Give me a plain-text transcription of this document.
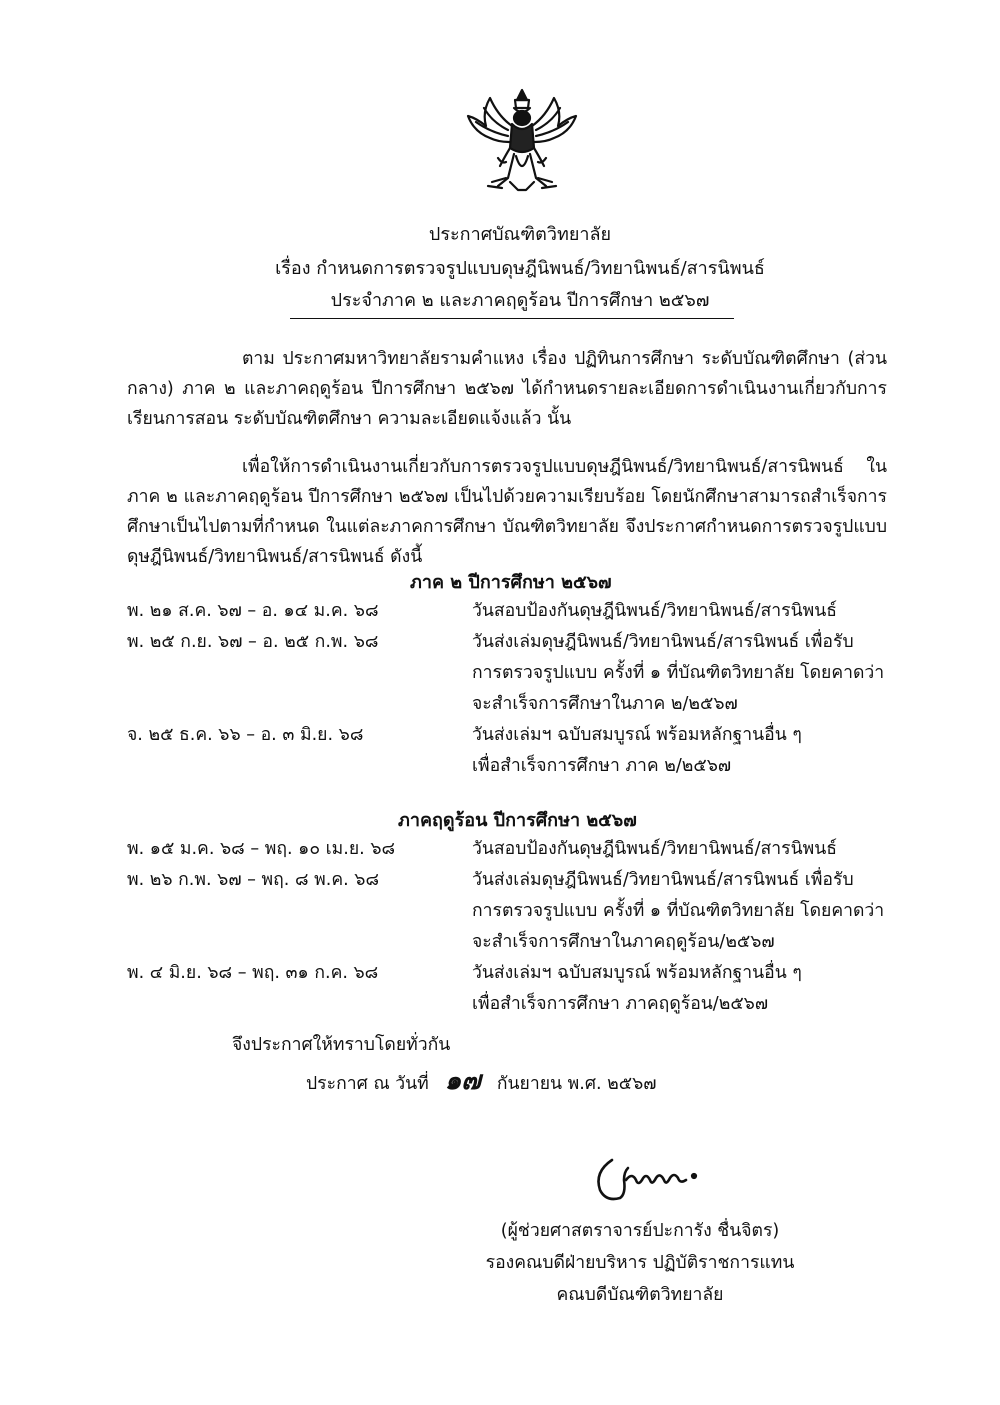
ประกาศบัณฑิตวิทยาลัย
เรื่อง กำหนดการตรวจรูปแบบดุษฎีนิพนธ์/วิทยานิพนธ์/สารนิพนธ์
ประจำภาค ๒ และภาคฤดูร้อน ปีการศึกษา ๒๕๖๗
ตาม ประกาศมหาวิทยาลัยรามคำแหง เรื่อง ปฏิทินการศึกษา ระดับบัณฑิตศึกษา (ส่วนกลาง) ภาค ๒ และภาคฤดูร้อน ปีการศึกษา ๒๕๖๗ ได้กำหนดรายละเอียดการดำเนินงานเกี่ยวกับการเรียนการสอน ระดับบัณฑิตศึกษา ความละเอียดแจ้งแล้ว นั้น
เพื่อให้การดำเนินงานเกี่ยวกับการตรวจรูปแบบดุษฎีนิพนธ์/วิทยานิพนธ์/สารนิพนธ์ ในภาค ๒ และภาคฤดูร้อน ปีการศึกษา ๒๕๖๗ เป็นไปด้วยความเรียบร้อย โดยนักศึกษาสามารถสำเร็จการศึกษาเป็นไปตามที่กำหนด ในแต่ละภาคการศึกษา บัณฑิตวิทยาลัย จึงประกาศกำหนดการตรวจรูปแบบดุษฎีนิพนธ์/วิทยานิพนธ์/สารนิพนธ์ ดังนี้
ภาค ๒ ปีการศึกษา ๒๕๖๗
พ. ๒๑ ส.ค. ๖๗ – อ. ๑๔ ม.ค. ๖๘	วันสอบป้องกันดุษฎีนิพนธ์/วิทยานิพนธ์/สารนิพนธ์
พ. ๒๕ ก.ย. ๖๗ – อ. ๒๕ ก.พ. ๖๘	วันส่งเล่มดุษฎีนิพนธ์/วิทยานิพนธ์/สารนิพนธ์ เพื่อรับ
การตรวจรูปแบบ ครั้งที่ ๑ ที่บัณฑิตวิทยาลัย โดยคาดว่า
จะสำเร็จการศึกษาในภาค ๒/๒๕๖๗
จ. ๒๕ ธ.ค. ๖๖ – อ. ๓ มิ.ย. ๖๘	วันส่งเล่มฯ ฉบับสมบูรณ์ พร้อมหลักฐานอื่น ๆ
เพื่อสำเร็จการศึกษา ภาค ๒/๒๕๖๗
ภาคฤดูร้อน ปีการศึกษา ๒๕๖๗
พ. ๑๕ ม.ค. ๖๘ – พฤ. ๑๐ เม.ย. ๖๘	วันสอบป้องกันดุษฎีนิพนธ์/วิทยานิพนธ์/สารนิพนธ์
พ. ๒๖ ก.พ. ๖๗ – พฤ. ๘ พ.ค. ๖๘	วันส่งเล่มดุษฎีนิพนธ์/วิทยานิพนธ์/สารนิพนธ์ เพื่อรับ
การตรวจรูปแบบ ครั้งที่ ๑ ที่บัณฑิตวิทยาลัย โดยคาดว่า
จะสำเร็จการศึกษาในภาคฤดูร้อน/๒๕๖๗
พ. ๔ มิ.ย. ๖๘ – พฤ. ๓๑ ก.ค. ๖๘	วันส่งเล่มฯ ฉบับสมบูรณ์ พร้อมหลักฐานอื่น ๆ
เพื่อสำเร็จการศึกษา ภาคฤดูร้อน/๒๕๖๗
จึงประกาศให้ทราบโดยทั่วกัน
ประกาศ ณ วันที่ ๑๗ กันยายน พ.ศ. ๒๕๖๗
(ผู้ช่วยศาสตราจารย์ปะการัง ชื่นจิตร)
รองคณบดีฝ่ายบริหาร ปฏิบัติราชการแทน
คณบดีบัณฑิตวิทยาลัย
